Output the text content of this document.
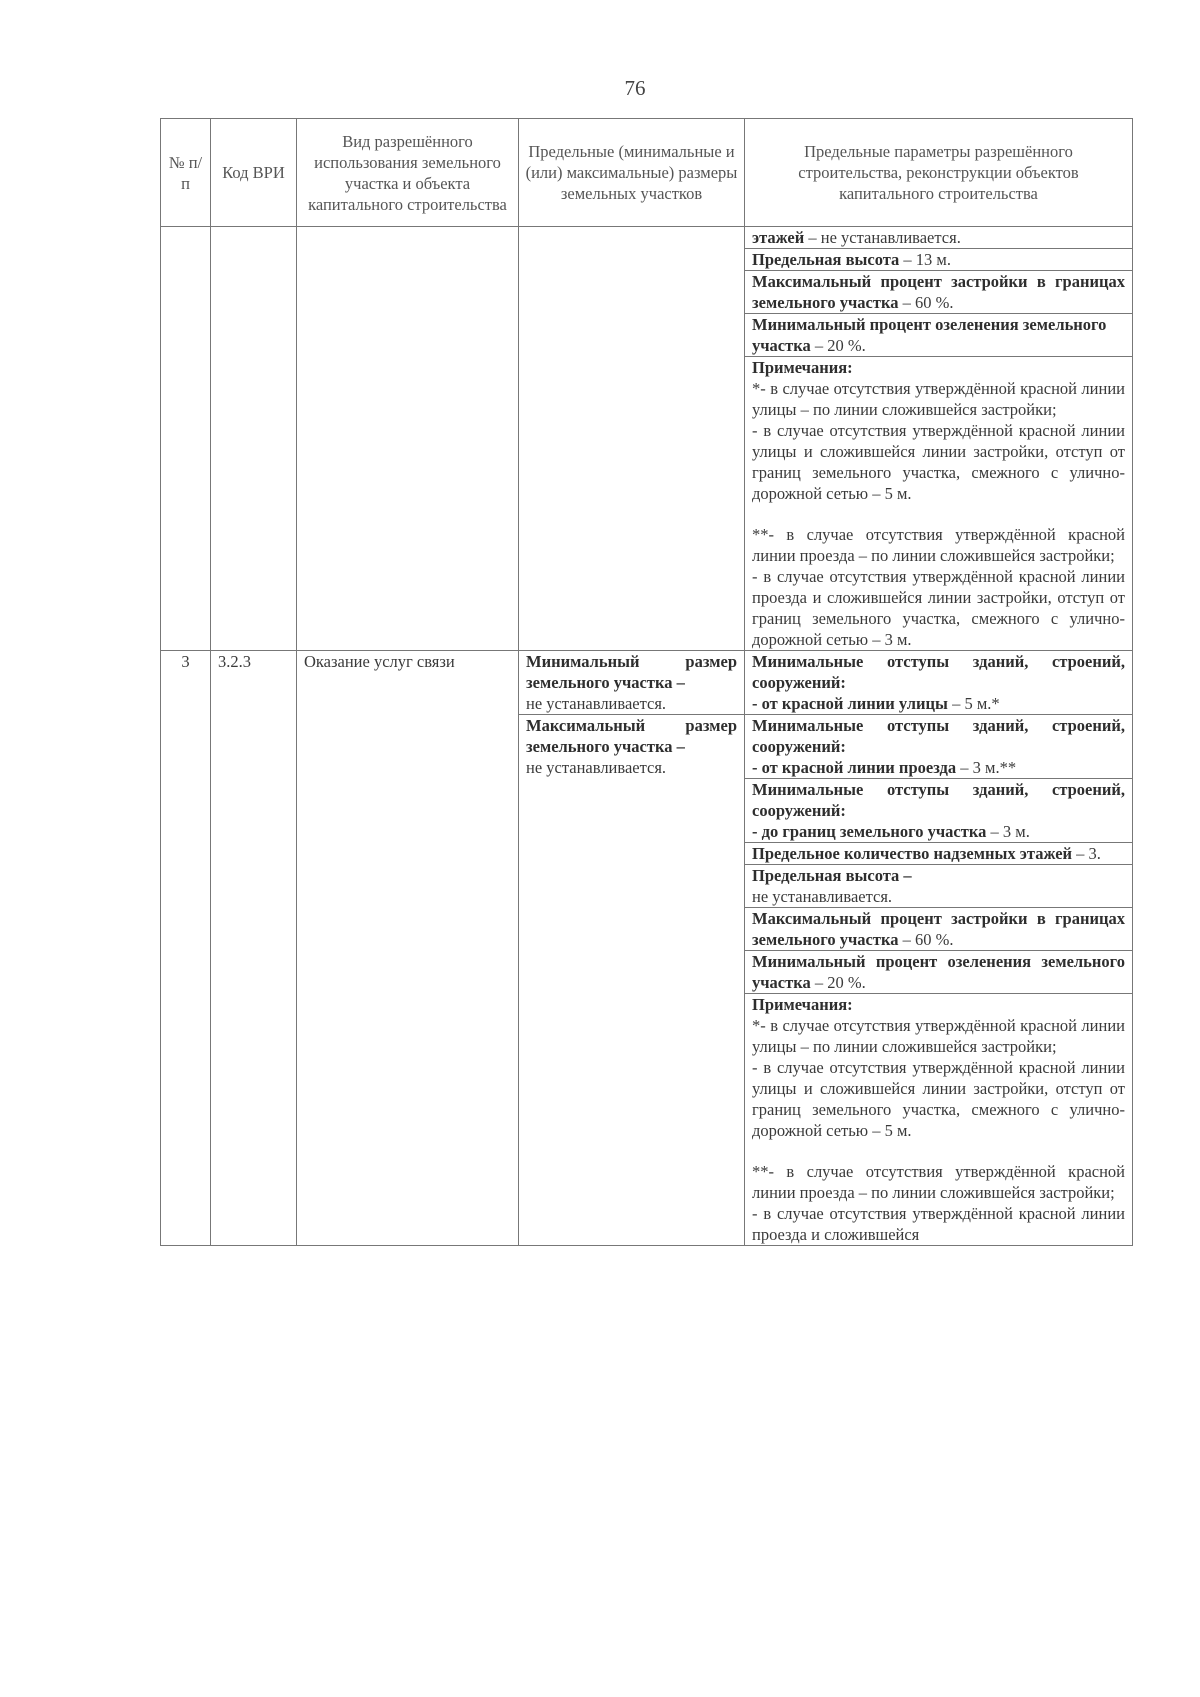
76
№ п/п	Код ВРИ	Вид разрешённого использования земельного участка и объекта капитального строительства	Предельные (минимальные и (или) максимальные) размеры земельных участков	Предельные параметры разрешённого строительства, реконструкции объектов капитального строительства
				этажей – не устанавливается.
				Предельная высота – 13 м.
				Максимальный процент застройки в границах земельного участка – 60 %.
				Минимальный процент озеленения земельного участка – 20 %.

				Примечания:
*- в случае отсутствия утверждённой красной линии улицы – по линии сложившейся застройки;
- в случае отсутствия утверждённой красной линии улицы и сложившейся линии застройки, отступ от границ земельного участка, смежного с улично-дорожной сетью – 5 м.
**- в случае отсутствия утверждённой красной линии проезда – по линии сложившейся застройки;
- в случае отсутствия утверждённой красной линии проезда и сложившейся линии застройки, отступ от границ земельного участка, смежного с улично-дорожной сетью – 3 м.

3	3.2.3	Оказание услуг связи	Минимальный размер земельного участка –
не устанавливается.	Минимальные отступы зданий, строений, сооружений:
- от красной линии улицы – 5 м.*
			Максимальный размер земельного участка –
не устанавливается.	Минимальные отступы зданий, строений, сооружений:
- от красной линии проезда – 3 м.**
				Минимальные отступы зданий, строений, сооружений:
- до границ земельного участка – 3 м.
				Предельное количество надземных этажей – 3.
				Предельная высота –
не устанавливается.
				Максимальный процент застройки в границах земельного участка – 60 %.
				Минимальный процент озеленения земельного участка – 20 %.

				Примечания:
*- в случае отсутствия утверждённой красной линии улицы – по линии сложившейся застройки;
- в случае отсутствия утверждённой красной линии улицы и сложившейся линии застройки, отступ от границ земельного участка, смежного с улично-дорожной сетью – 5 м.
**- в случае отсутствия утверждённой красной линии проезда – по линии сложившейся застройки;
- в случае отсутствия утверждённой красной линии проезда и сложившейся
